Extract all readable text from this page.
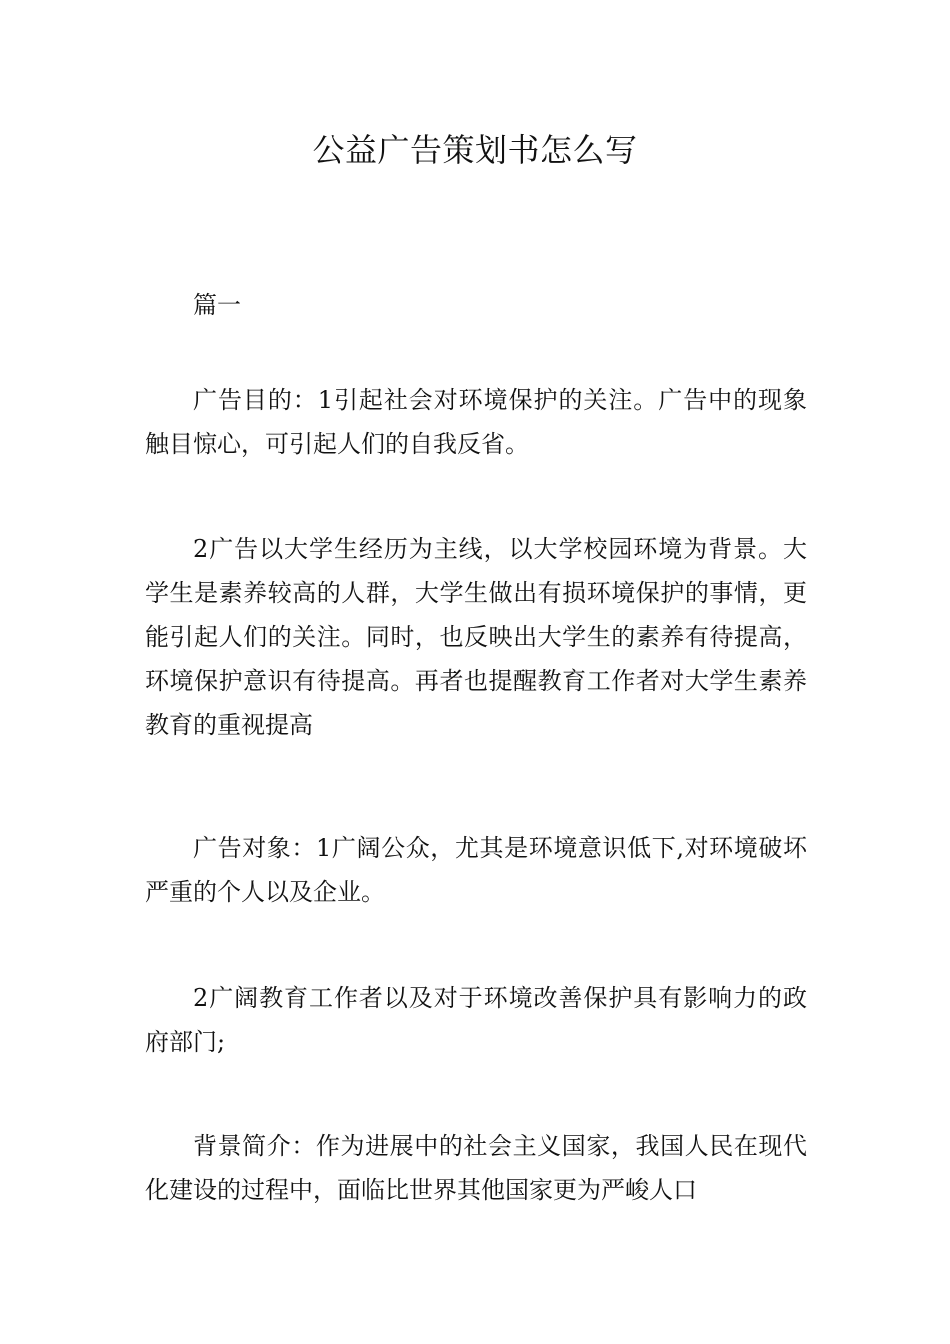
公益广告策划书怎么写
篇一

广告目的：1引起社会对环境保护的关注。广告中的现象触目惊心，可引起人们的自我反省。

2广告以大学生经历为主线，以大学校园环境为背景。大学生是素养较高的人群，大学生做出有损环境保护的事情，更能引起人们的关注。同时，也反映出大学生的素养有待提高，环境保护意识有待提高。再者也提醒教育工作者对大学生素养教育的重视提高

广告对象：1广阔公众，尤其是环境意识低下,对环境破坏严重的个人以及企业。

2广阔教育工作者以及对于环境改善保护具有影响力的政府部门;

背景简介：作为进展中的社会主义国家，我国人民在现代化建设的过程中，面临比世界其他国家更为严峻人口
